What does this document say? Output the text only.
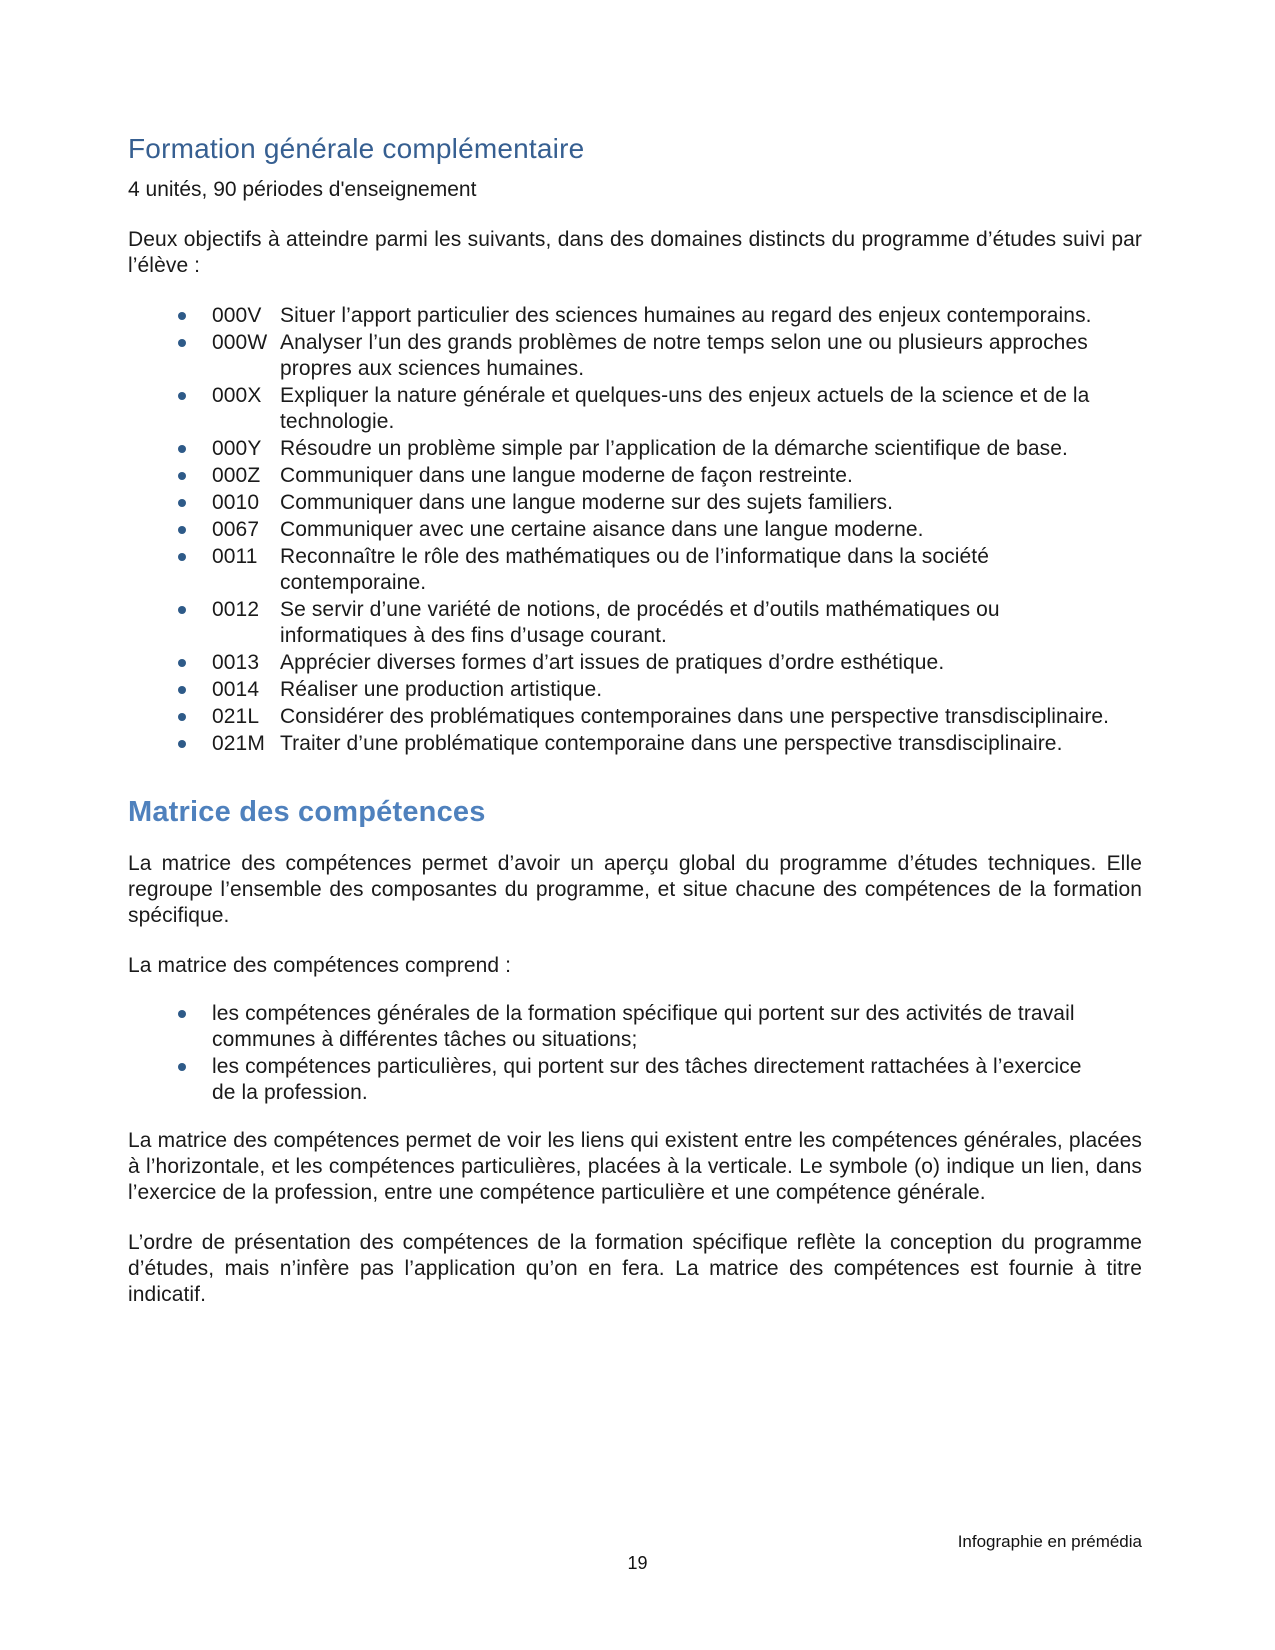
Formation générale complémentaire

4 unités, 90 périodes d'enseignement

Deux objectifs à atteindre parmi les suivants, dans des domaines distincts du programme d’études suivi par l’élève :

000V Situer l’apport particulier des sciences humaines au regard des enjeux contemporains.
000W Analyser l’un des grands problèmes de notre temps selon une ou plusieurs approches propres aux sciences humaines.
000X Expliquer la nature générale et quelques-uns des enjeux actuels de la science et de la technologie.
000Y Résoudre un problème simple par l’application de la démarche scientifique de base.
000Z Communiquer dans une langue moderne de façon restreinte.
0010 Communiquer dans une langue moderne sur des sujets familiers.
0067 Communiquer avec une certaine aisance dans une langue moderne.
0011	Reconnaître le rôle des mathématiques ou de l’informatique dans la société contemporaine.
0012 Se servir d’une variété de notions, de procédés et d’outils mathématiques ou informatiques à des fins d’usage courant.
0013 Apprécier diverses formes d’art issues de pratiques d’ordre esthétique.
0014 Réaliser une production artistique.
021L Considérer des problématiques contemporaines dans une perspective transdisciplinaire.
021M Traiter d’une problématique contemporaine dans une perspective transdisciplinaire.
Matrice des compétences

La matrice des compétences permet d’avoir un aperçu global du programme d’études techniques. Elle regroupe l’ensemble des composantes du programme, et situe chacune des compétences de la formation spécifique.

La matrice des compétences comprend :

les compétences générales de la formation spécifique qui portent sur des activités de travail communes à différentes tâches ou situations;
les compétences particulières, qui portent sur des tâches directement rattachées à l’exercice de la profession.

La matrice des compétences permet de voir les liens qui existent entre les compétences générales, placées à l’horizontale, et les compétences particulières, placées à la verticale. Le symbole (o) indique un lien, dans l’exercice de la profession, entre une compétence particulière et une compétence générale.

L’ordre de présentation des compétences de la formation spécifique reflète la conception du programme d’études, mais n’infère pas l’application qu’on en fera. La matrice des compétences est fournie à titre indicatif.

Infographie en prémédia
19
